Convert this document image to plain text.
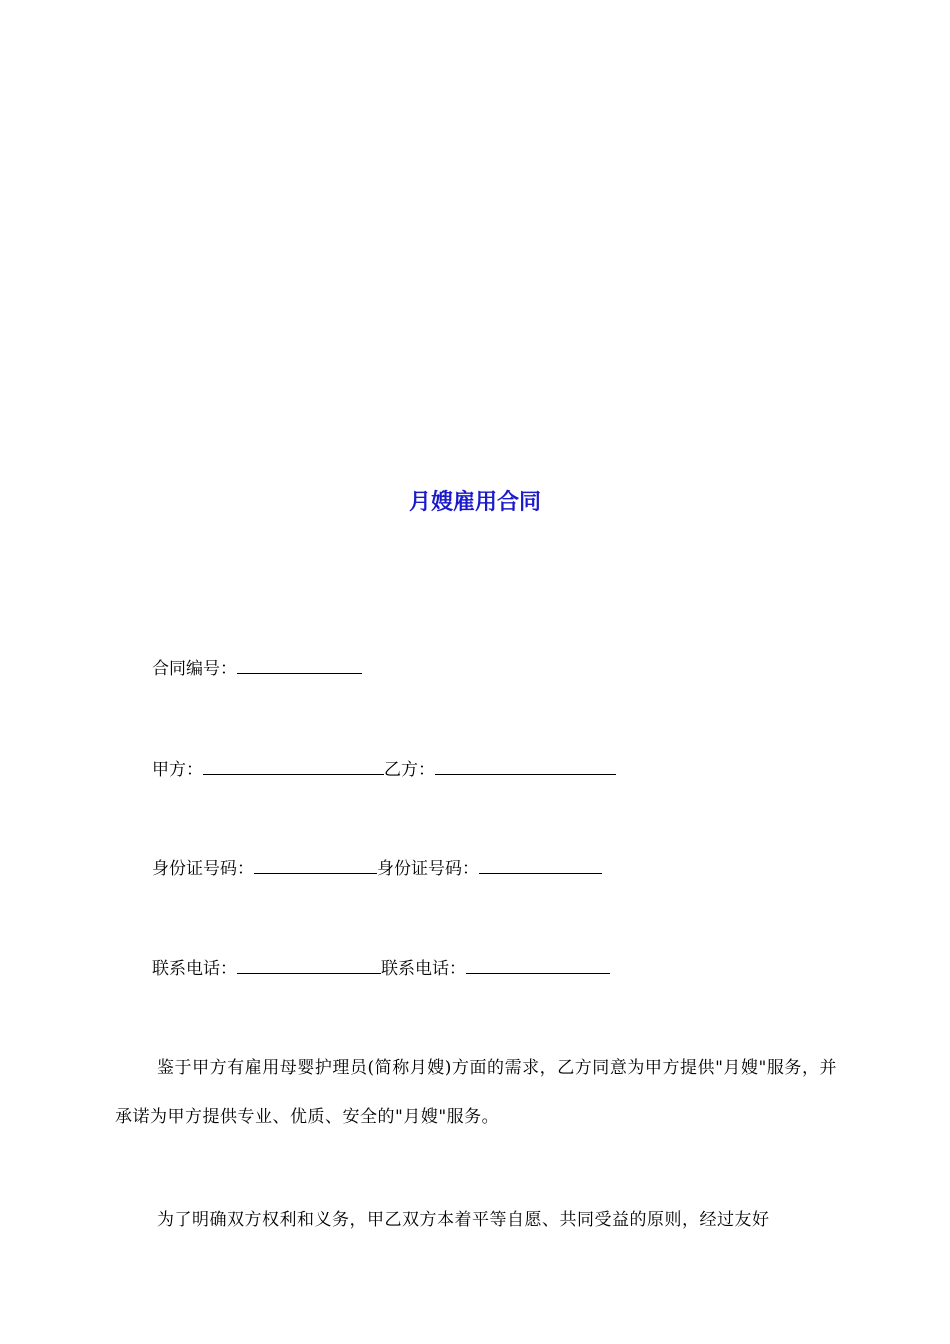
月嫂雇用合同
合同编号：
甲方：	乙方：
身份证号码：	身份证号码：
联系电话：	联系电话：

鉴于甲方有雇用母婴护理员(简称月嫂)方面的需求，乙方同意为甲方提供"月嫂"服务，并承诺为甲方提供专业、优质、安全的"月嫂"服务。

为了明确双方权利和义务，甲乙双方本着平等自愿、共同受益的原则，经过友好
